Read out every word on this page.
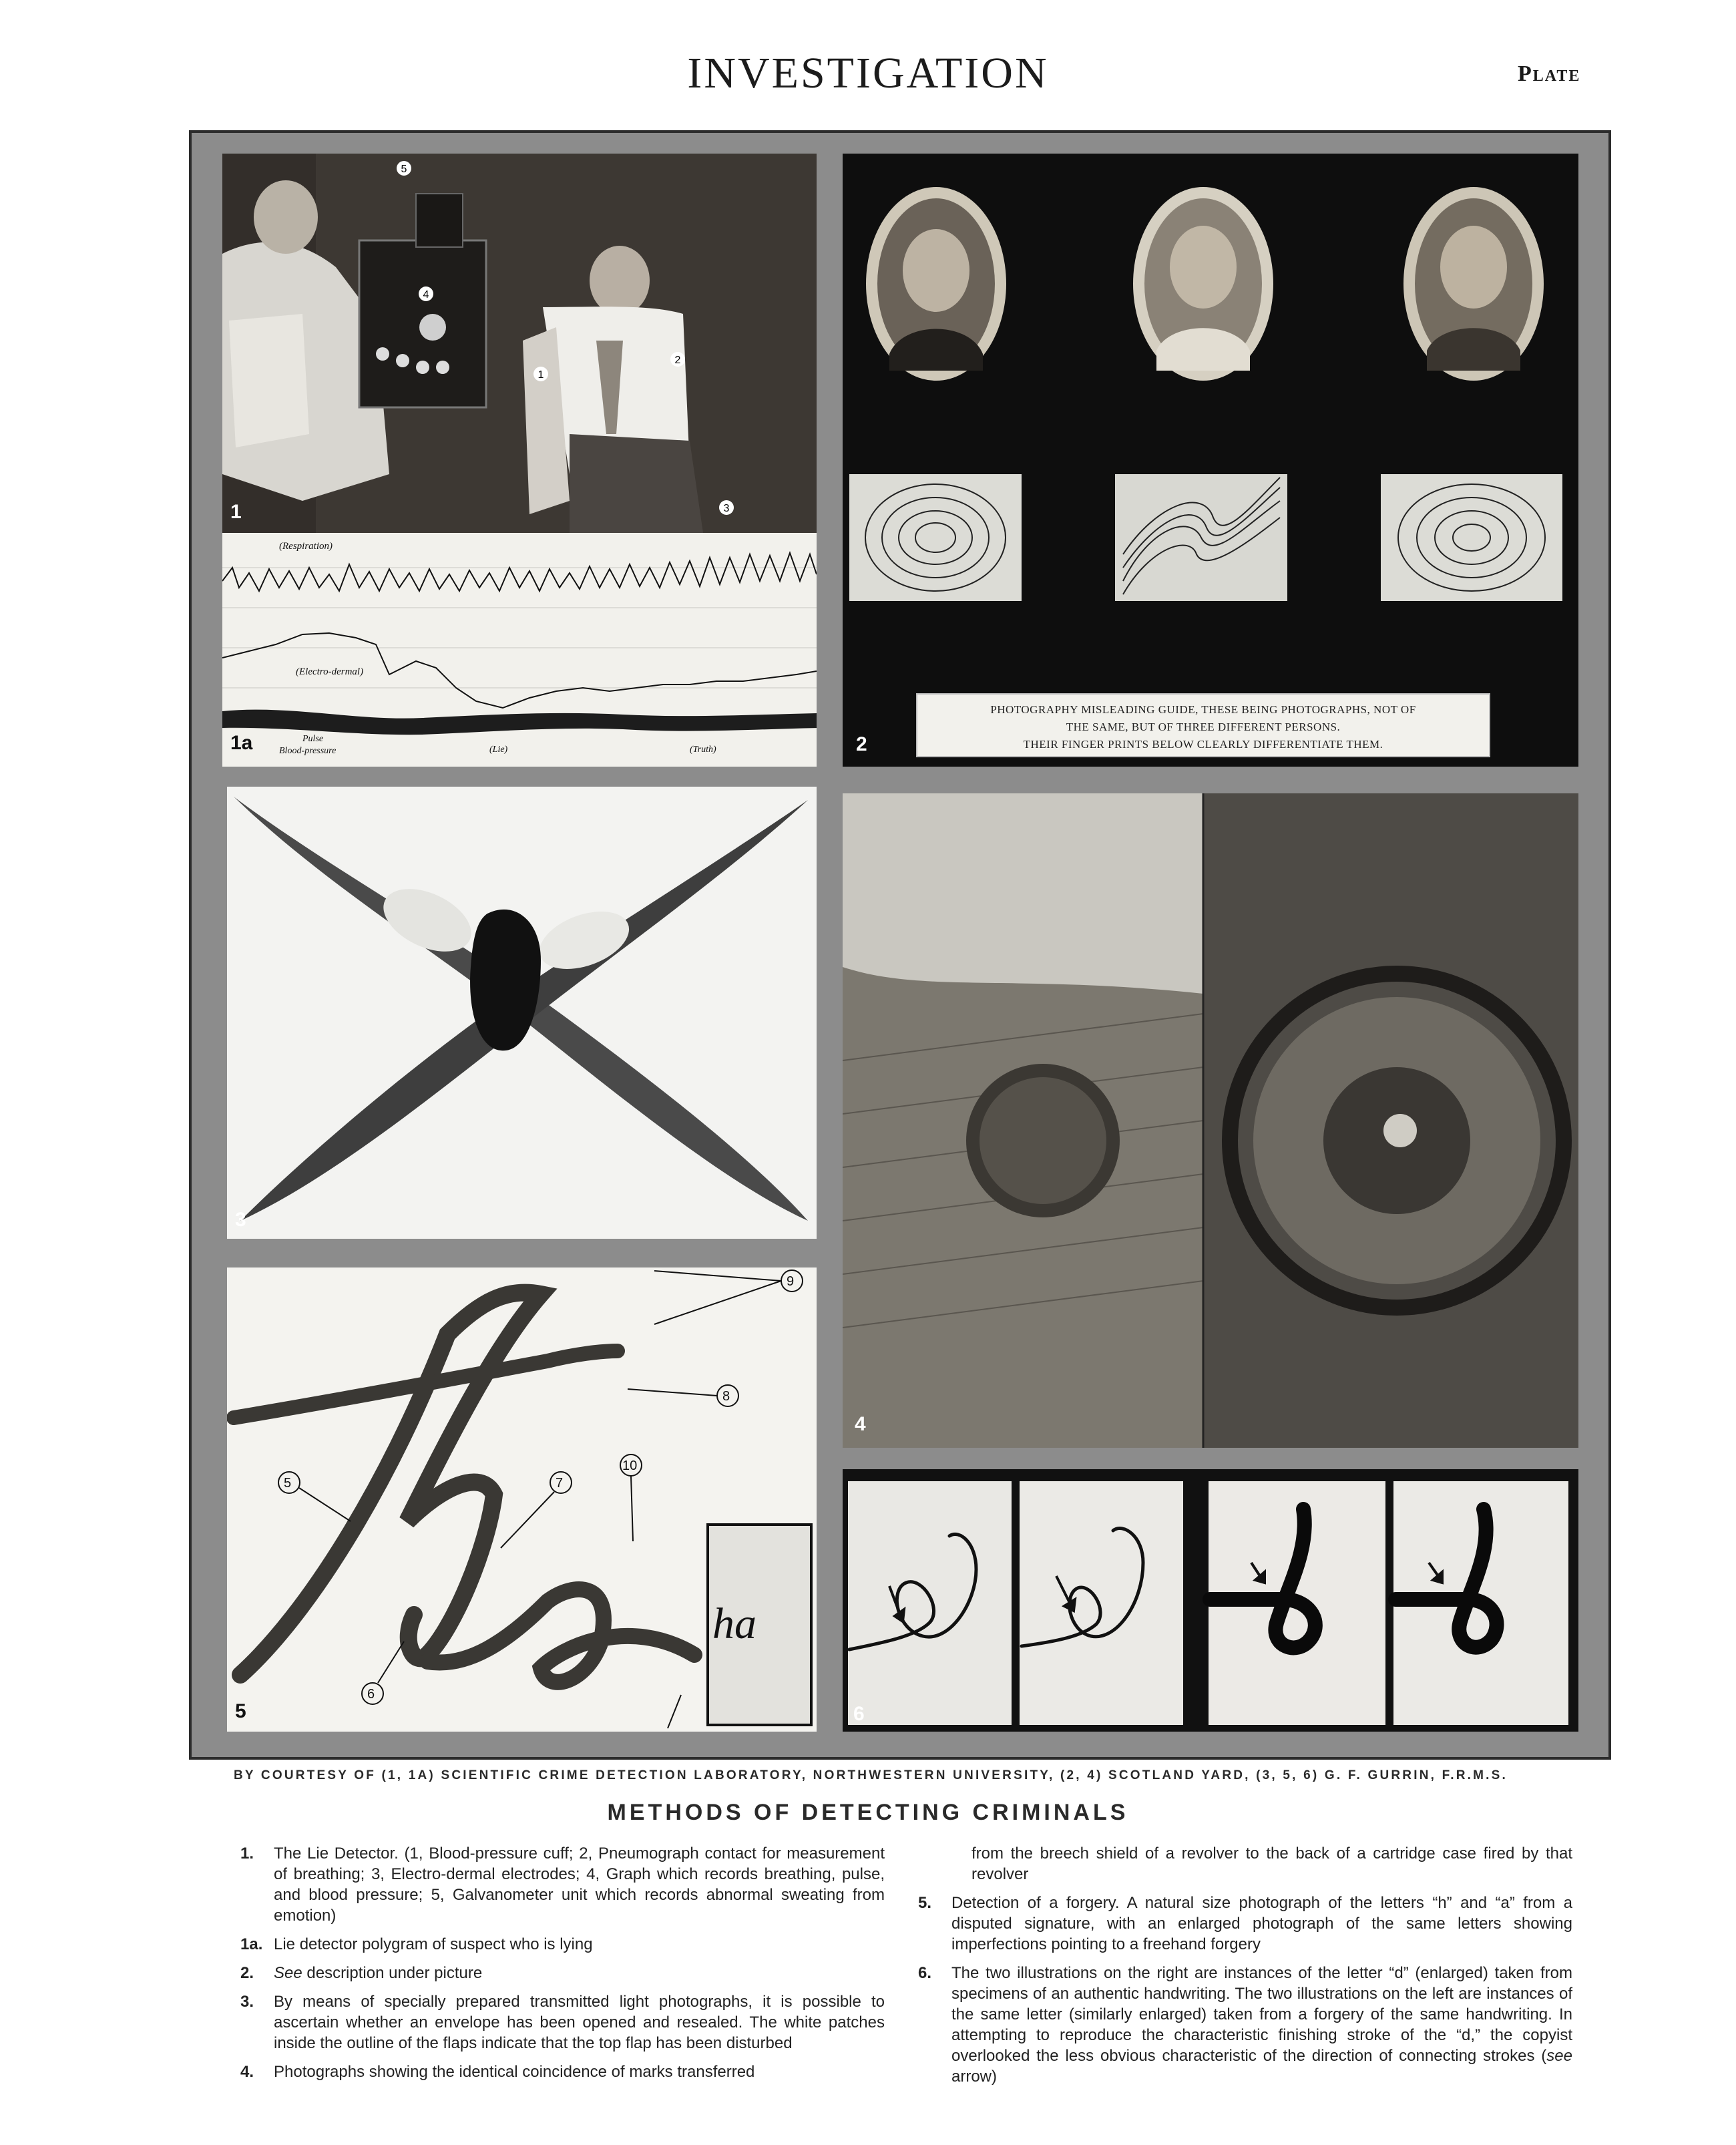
INVESTIGATION	Plate
5
4
2
1
3
(Respiration)
(Electro-dermal)
Pulse
Blood-pressure	(Lie)	(Truth)
1
1a
PHOTOGRAPHY MISLEADING GUIDE, THESE BEING PHOTOGRAPHS, NOT OF
THE SAME, BUT OF THREE DIFFERENT PERSONS.
THEIR FINGER PRINTS BELOW CLEARLY DIFFERENTIATE THEM.
2
3
4
ha
9
8
5	7
10
6
5	6
BY COURTESY OF (1, 1A) SCIENTIFIC CRIME DETECTION LABORATORY, NORTHWESTERN UNIVERSITY, (2, 4) SCOTLAND YARD, (3, 5, 6) G. F. GURRIN, F.R.M.S.
METHODS OF DETECTING CRIMINALS
1. The Lie Detector. (1, Blood-pressure cuff; 2, Pneumograph contact for measurement of breathing; 3, Electro-dermal electrodes; 4, Graph which records breathing, pulse, and blood pressure; 5, Galvanometer unit which records abnormal sweating from emotion)
1a. Lie detector polygram of suspect who is lying
2. See description under picture
3. By means of specially prepared transmitted light photographs, it is possible to ascertain whether an envelope has been opened and resealed. The white patches inside the outline of the flaps indicate that the top flap has been disturbed
4. Photographs showing the identical coincidence of marks transferred
from the breech shield of a revolver to the back of a cartridge case fired by that revolver
5. Detection of a forgery. A natural size photograph of the letters “h” and “a” from a disputed signature, with an enlarged photograph of the same letters showing imperfections pointing to a freehand forgery
6. The two illustrations on the right are instances of the letter “d” (enlarged) taken from specimens of an authentic handwriting. The two illustrations on the left are instances of the same letter (similarly enlarged) taken from a forgery of the same handwriting. In attempting to reproduce the characteristic finishing stroke of the “d,” the copyist overlooked the less obvious characteristic of the direction of connecting strokes (see arrow)
